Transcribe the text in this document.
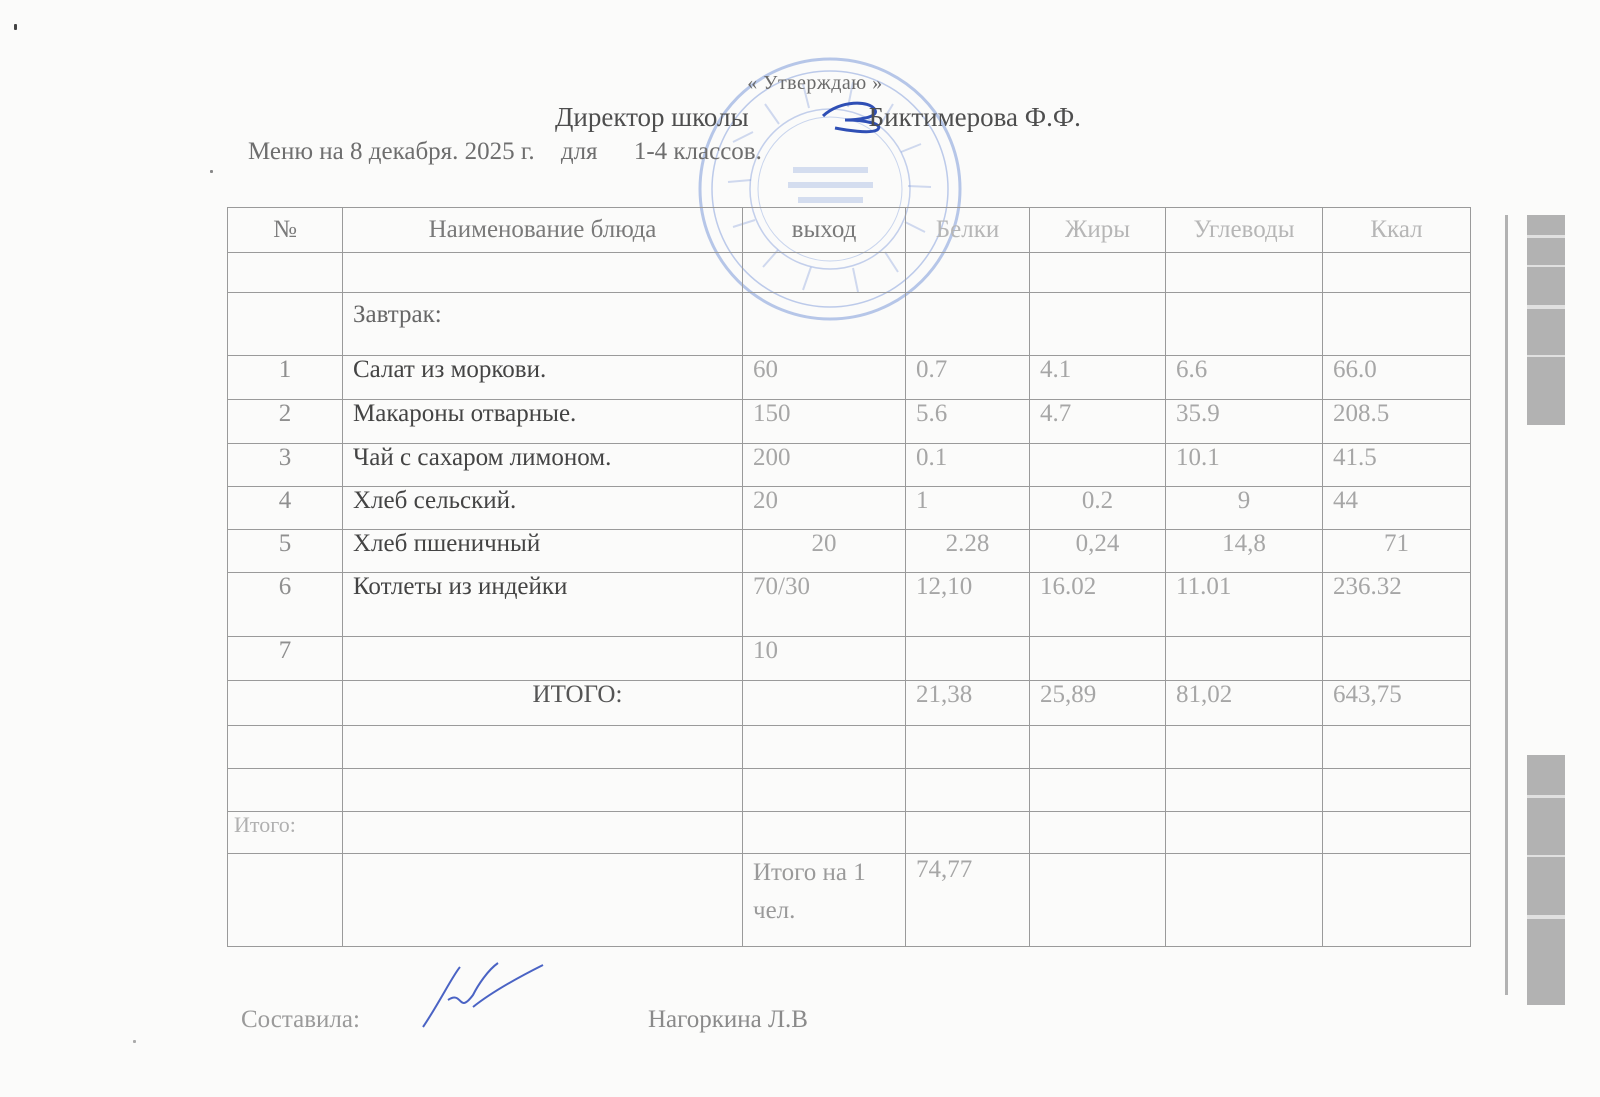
« Утверждаю »
Директор школы	Биктимерова Ф.Ф.
Меню на 8 декабря. 2025 г. для 1-4 классов.
№	Наименование блюда	выход	Белки	Жиры	Углеводы	Ккал

	Завтрак:					
1	Салат из моркови.	60	0.7	4.1	6.6	66.0
2	Макароны отварные.	150	5.6	4.7	35.9	208.5
3	Чай с сахаром лимоном.	200	0.1		10.1	41.5
4	Хлеб сельский.	20	1	0.2	9	44
5	Хлеб пшеничный	20	2.28	0,24	14,8	71
6	Котлеты из индейки	70/30	12,10	16.02	11.01	236.32
7		10				
	ИТОГО:		21,38	25,89	81,02	643,75

Итого:						
		Итого на 1 чел.	74,77			
Составила:	Нагоркина Л.В
